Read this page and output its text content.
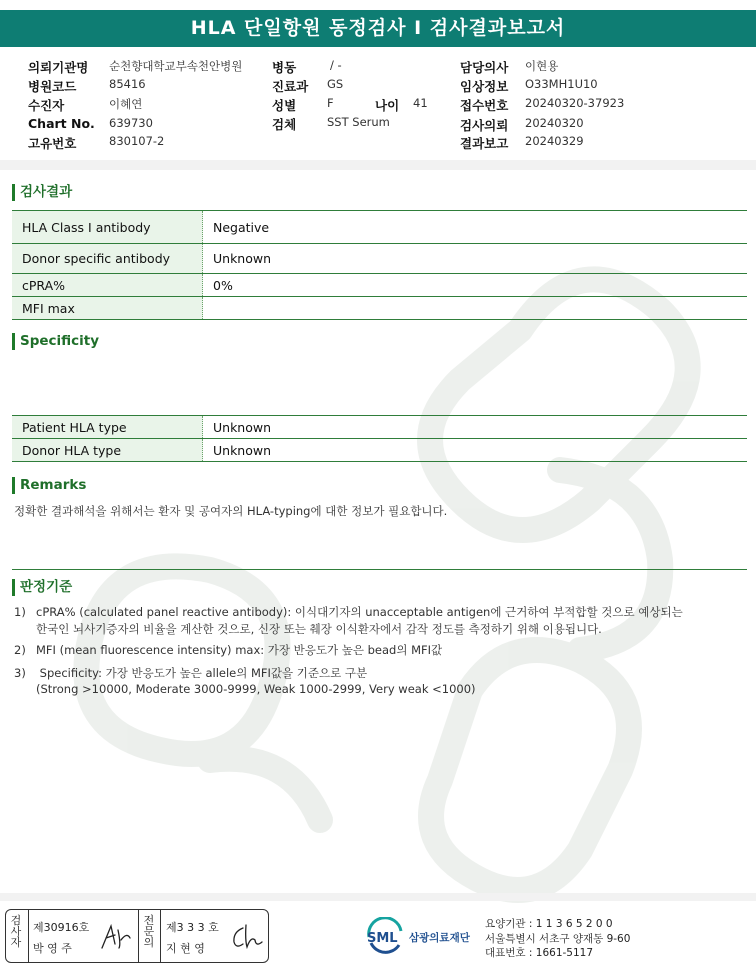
HLA 단일항원 동정검사 I 검사결과보고서
의뢰기관명 순천향대학교부속천안병원
병원코드	85416
수진자	이혜연
Chart No. 639730
고유번호	830107-2
병동	/ -
진료과 GS
성별	F	나이 41
검체	SST Serum
담당의사 이현용
임상정보 O33MH1U10
접수번호 20240320-37923
검사의뢰 20240320
결과보고 20240329
검사결과
HLA Class I antibody	Negative
Donor specific antibody	Unknown
cPRA%	0%
MFI max	
Specificity
Patient HLA type	Unknown
Donor HLA type	Unknown
Remarks
정확한 결과해석을 위해서는 환자 및 공여자의 HLA-typing에 대한 정보가 필요합니다.
판정기준
1) cPRA% (calculated panel reactive antibody): 이식대기자의 unacceptable antigen에 근거하여 부적합할 것으로 예상되는
한국인 뇌사기증자의 비율을 계산한 것으로, 신장 또는 췌장 이식환자에서 감작 정도를 측정하기 위해 이용됩니다.
2) MFI (mean fluorescence intensity) max: 가장 반응도가 높은 bead의 MFI값
3) Specificity: 가장 반응도가 높은 allele의 MFI값을 기준으로 구분
(Strong >10000, Moderate 3000-9999, Weak 1000-2999, Very weak <1000)
검사자
제30916호
박 영 주
전문의
제3 3 3 호
지 현 영
SML 삼광의료재단
요양기관 : 1 1 3 6 5 2 0 0
서울특별시 서초구 양재동 9-60
대표번호 : 1661-5117
